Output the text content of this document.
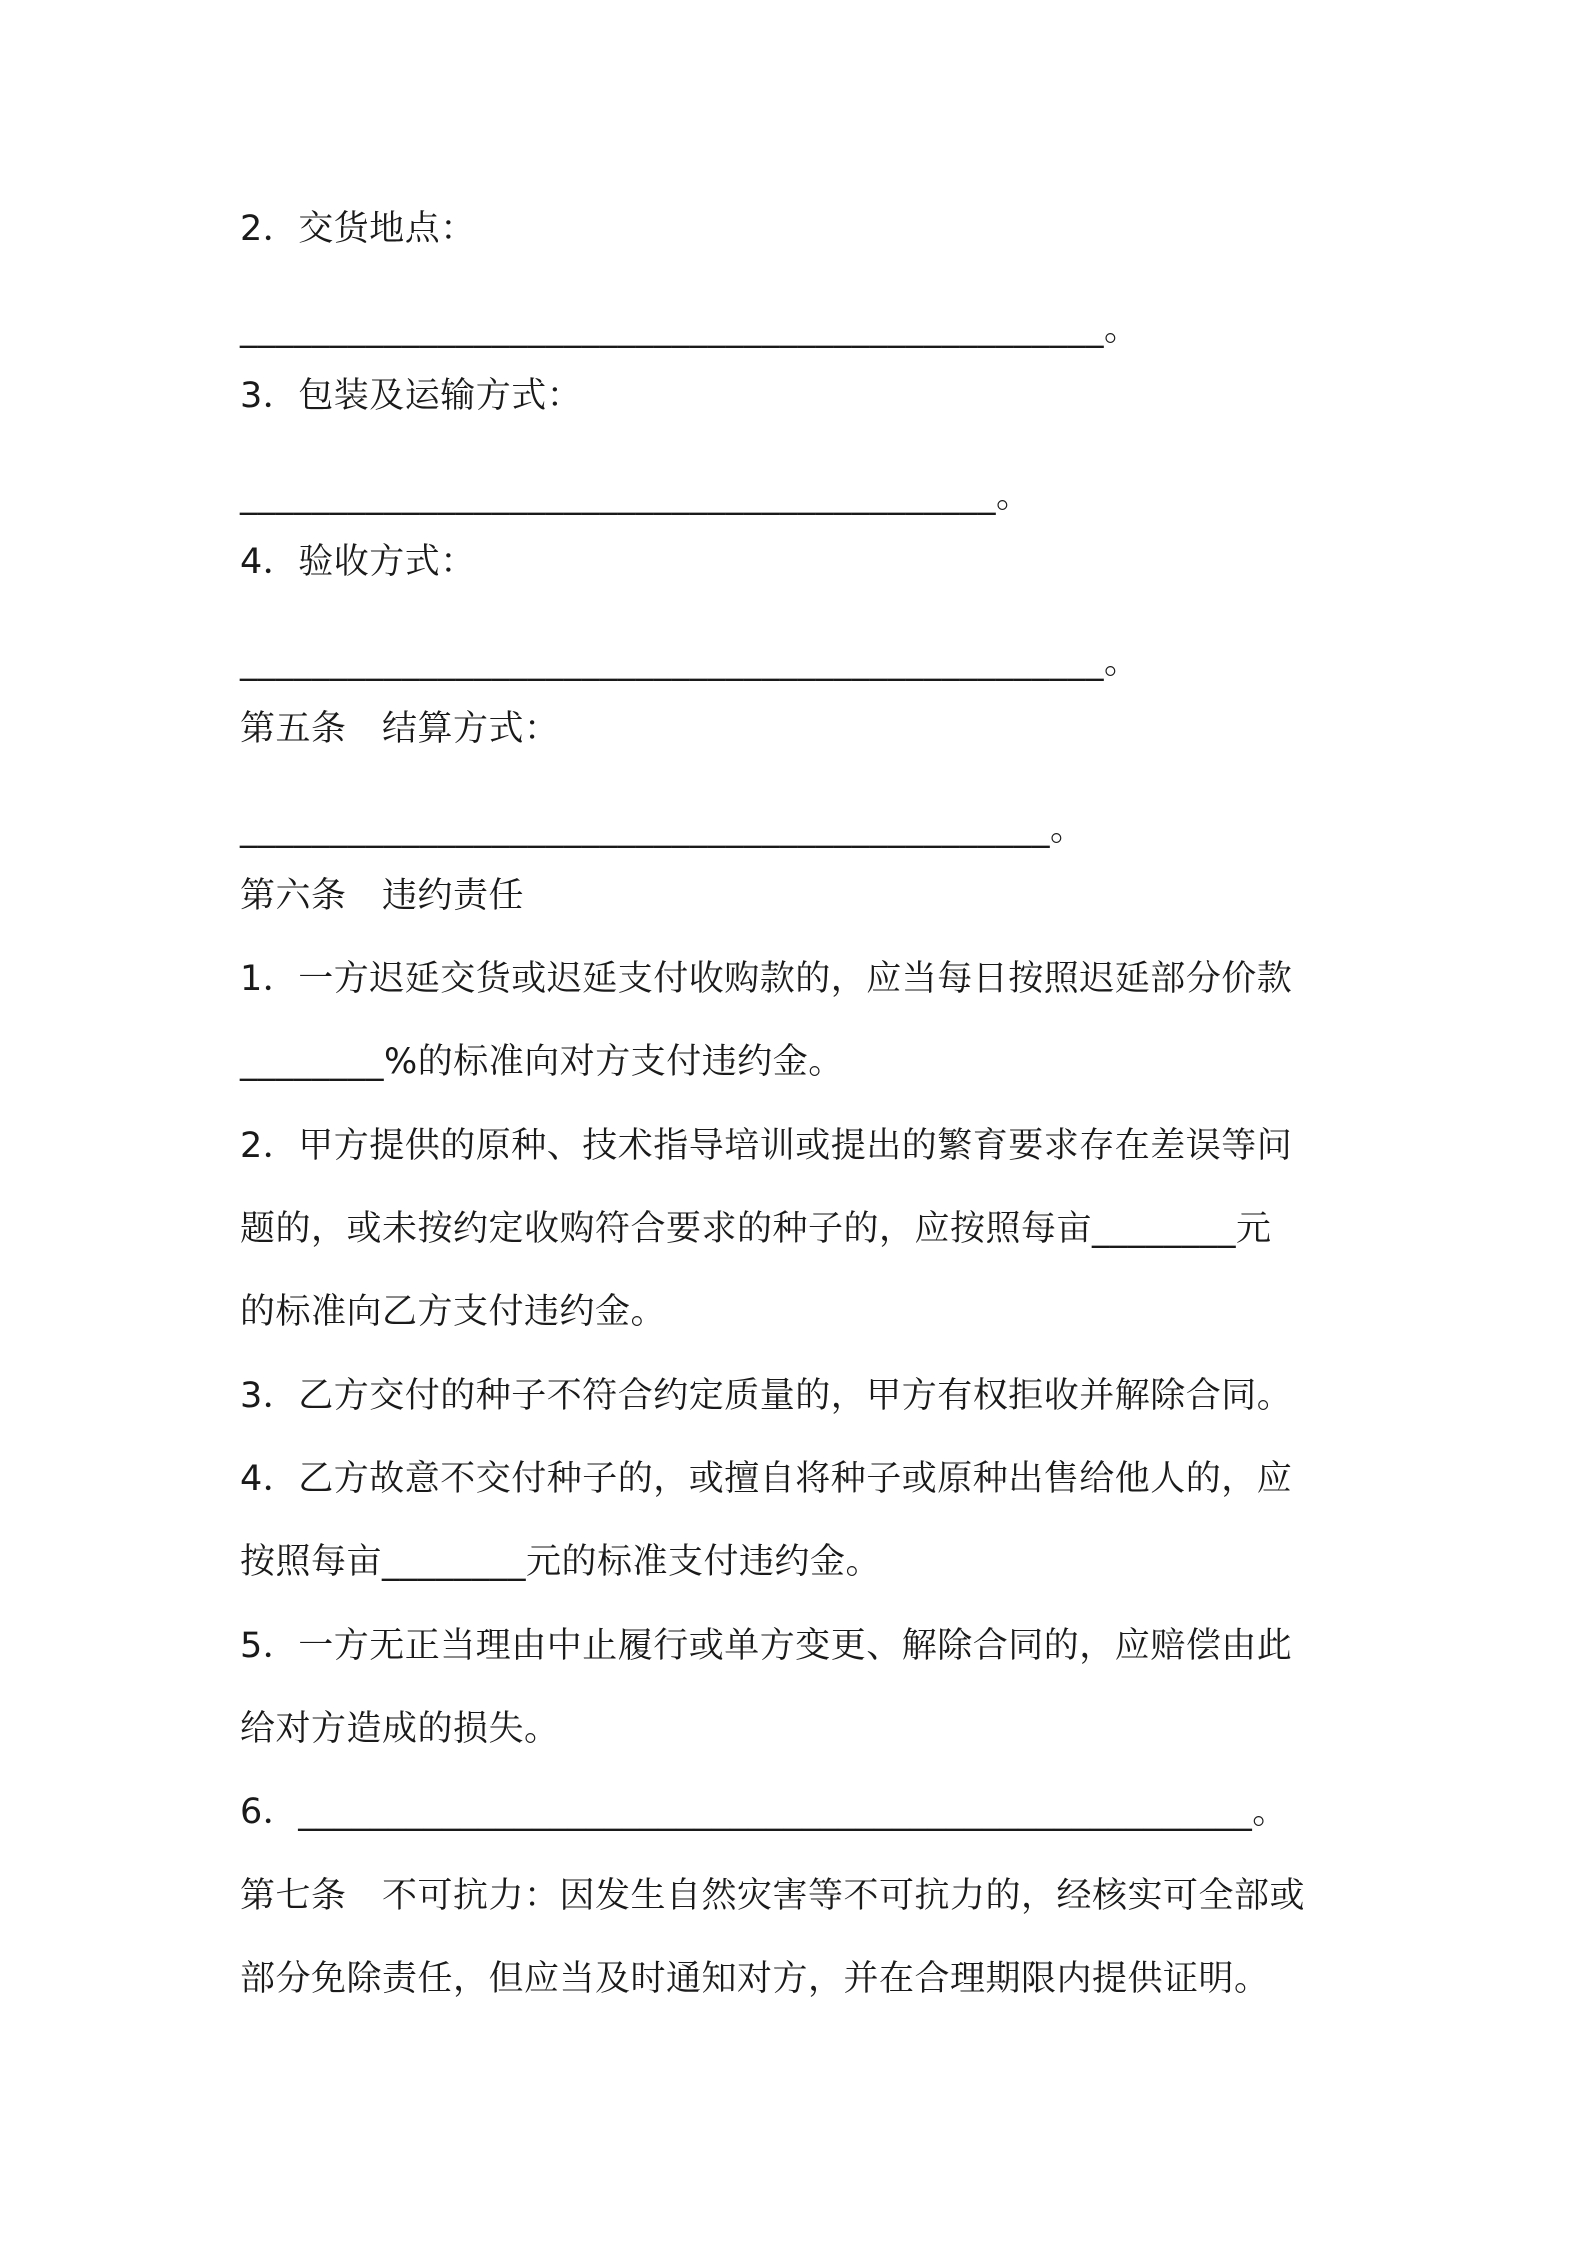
2．交货地点：

________________________________________________。

3．包装及运输方式：

__________________________________________。

4．验收方式：

________________________________________________。

第五条　结算方式：

_____________________________________________。

第六条　违约责任

1．一方迟延交货或迟延支付收购款的，应当每日按照迟延部分价款

________%的标准向对方支付违约金。

2．甲方提供的原种、技术指导培训或提出的繁育要求存在差误等问

题的，或未按约定收购符合要求的种子的，应按照每亩________元

的标准向乙方支付违约金。

3．乙方交付的种子不符合约定质量的，甲方有权拒收并解除合同。

4．乙方故意不交付种子的，或擅自将种子或原种出售给他人的，应

按照每亩________元的标准支付违约金。

5．一方无正当理由中止履行或单方变更、解除合同的，应赔偿由此

给对方造成的损失。

6．_____________________________________________________。

第七条　不可抗力：因发生自然灾害等不可抗力的，经核实可全部或

部分免除责任，但应当及时通知对方，并在合理期限内提供证明。
